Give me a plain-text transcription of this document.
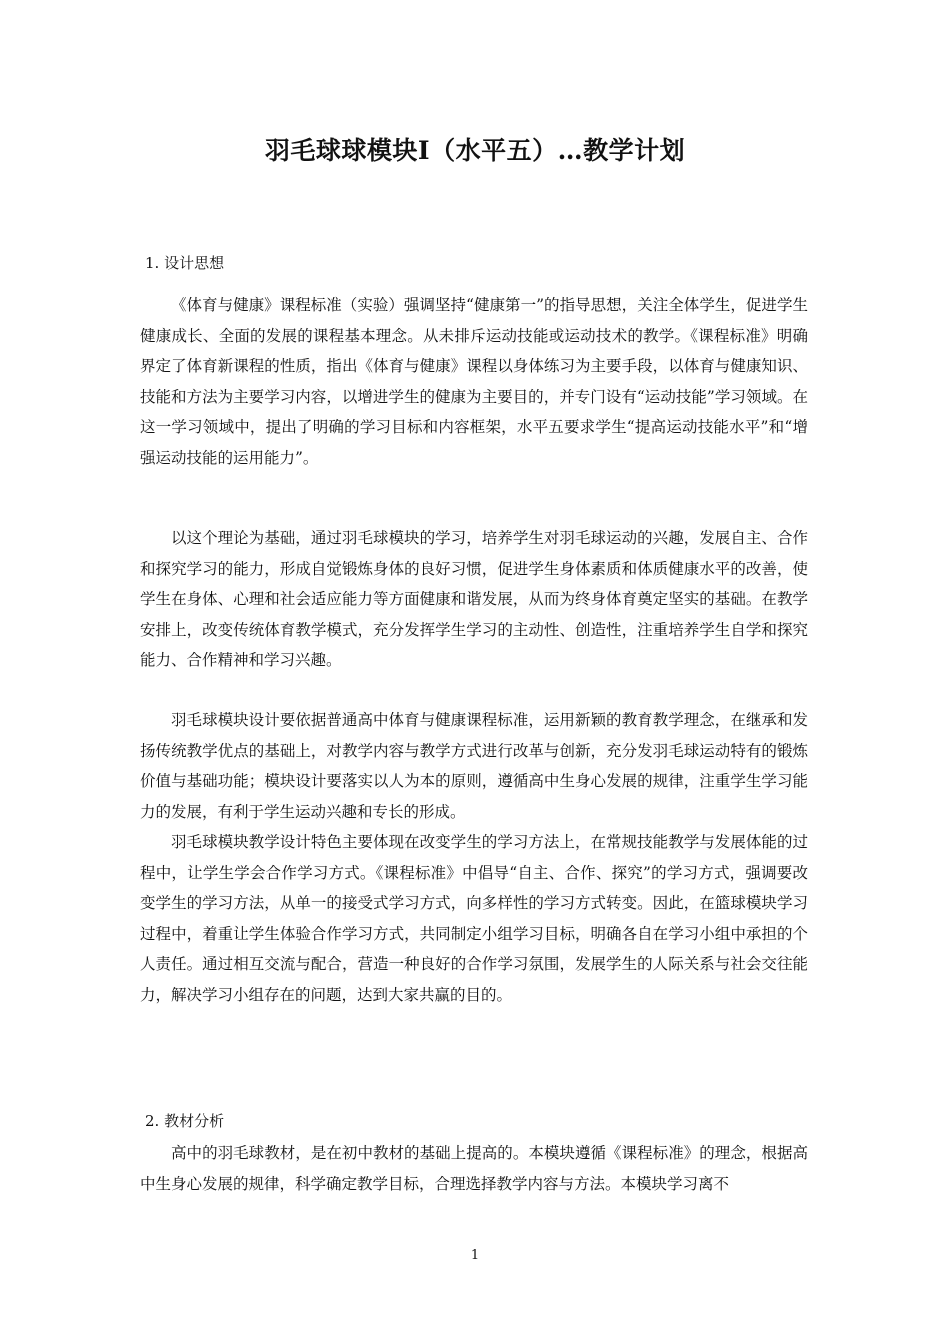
羽毛球球模块Ⅰ（水平五）…教学计划
1. 设计思想

《体育与健康》课程标准（实验）强调坚持“健康第一”的指导思想，关注全体学生，促进学生健康成长、全面的发展的课程基本理念。从未排斥运动技能或运动技术的教学。《课程标准》明确界定了体育新课程的性质，指出《体育与健康》课程以身体练习为主要手段，以体育与健康知识、技能和方法为主要学习内容，以增进学生的健康为主要目的，并专门设有“运动技能”学习领域。在这一学习领域中，提出了明确的学习目标和内容框架，水平五要求学生“提高运动技能水平”和“增强运动技能的运用能力”。

以这个理论为基础，通过羽毛球模块的学习，培养学生对羽毛球运动的兴趣，发展自主、合作和探究学习的能力，形成自觉锻炼身体的良好习惯，促进学生身体素质和体质健康水平的改善，使学生在身体、心理和社会适应能力等方面健康和谐发展，从而为终身体育奠定坚实的基础。在教学安排上，改变传统体育教学模式，充分发挥学生学习的主动性、创造性，注重培养学生自学和探究能力、合作精神和学习兴趣。

羽毛球模块设计要依据普通高中体育与健康课程标准，运用新颖的教育教学理念，在继承和发扬传统教学优点的基础上，对教学内容与教学方式进行改革与创新，充分发羽毛球运动特有的锻炼价值与基础功能；模块设计要落实以人为本的原则，遵循高中生身心发展的规律，注重学生学习能力的发展，有利于学生运动兴趣和专长的形成。

羽毛球模块教学设计特色主要体现在改变学生的学习方法上，在常规技能教学与发展体能的过程中，让学生学会合作学习方式。《课程标准》中倡导“自主、合作、探究”的学习方式，强调要改变学生的学习方法，从单一的接受式学习方式，向多样性的学习方式转变。因此，在篮球模块学习过程中，着重让学生体验合作学习方式，共同制定小组学习目标，明确各自在学习小组中承担的个人责任。通过相互交流与配合，营造一种良好的合作学习氛围，发展学生的人际关系与社会交往能力，解决学习小组存在的问题，达到大家共赢的目的。

2. 教材分析

高中的羽毛球教材，是在初中教材的基础上提高的。本模块遵循《课程标准》的理念，根据高中生身心发展的规律，科学确定教学目标，合理选择教学内容与方法。本模块学习离不

1
